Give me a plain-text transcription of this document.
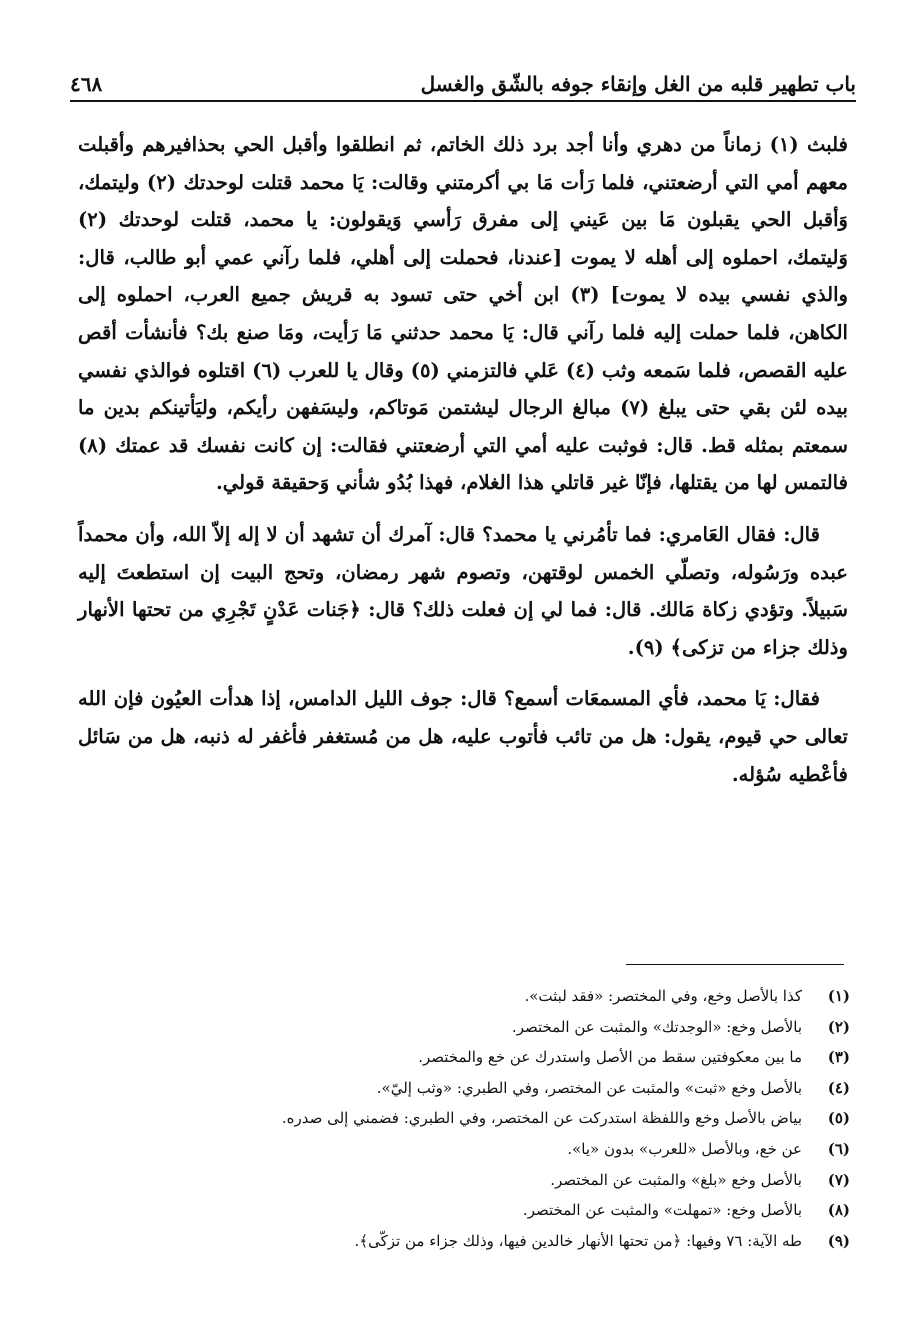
باب تطهير قلبه من الغل وإنقاء جوفه بالشّق والغسل
٤٦٨

فلبث (١) زماناً من دهري وأنا أجد برد ذلك الخاتم، ثم انطلقوا وأقبل الحي بحذافيرهم وأقبلت معهم أمي التي أرضعتني، فلما رَأت مَا بي أكرمتني وقالت: يَا محمد قتلت لوحدتك (٢) وليتمك، وَأقبل الحي يقبلون مَا بين عَيني إلى مفرق رَأسي وَيقولون: يا محمد، قتلت لوحدتك (٢) وَليتمك، احملوه إلى أهله لا يموت [عندنا، فحملت إلى أهلي، فلما رآني عمي أبو طالب، قال: والذي نفسي بيده لا يموت] (٣) ابن أخي حتى تسود به قريش جميع العرب، احملوه إلى الكاهن، فلما حملت إليه فلما رآني قال: يَا محمد حدثني مَا رَأيت، ومَا صنع بك؟ فأنشأت أقص عليه القصص، فلما سَمعه وثب (٤) عَلي فالتزمني (٥) وقال يا للعرب (٦) اقتلوه فوالذي نفسي بيده لئن بقي حتى يبلغ (٧) مبالغ الرجال ليشتمن مَوتاكم، وليسَفهن رأيكم، وليَأتينكم بدين ما سمعتم بمثله قط. قال: فوثبت عليه أمي التي أرضعتني فقالت: إن كانت نفسك قد عمتك (٨) فالتمس لها من يقتلها، فإنّا غير قاتلي هذا الغلام، فهذا بُدُو شأني وَحقيقة قولي.

قال: فقال العَامري: فما تأمُرني يا محمد؟ قال: آمرك أن تشهد أن لا إله إلاّ الله، وأن محمداً عبده ورَسُوله، وتصلّي الخمس لوقتهن، وتصوم شهر رمضان، وتحج البيت إن استطعتَ إليه سَبيلاً. وتؤدي زكاة مَالك. قال: فما لي إن فعلت ذلك؟ قال: ﴿جَنات عَدْنٍ تَجْرِي من تحتها الأنهار وذلك جزاء من تزكى﴾ (٩).

فقال: يَا محمد، فأي المسمعَات أسمع؟ قال: جوف الليل الدامس، إذا هدأت العيُون فإن الله تعالى حي قيوم، يقول: هل من تائب فأتوب عليه، هل من مُستغفر فأغفر له ذنبه، هل من سَائل فأعْطيه سُؤله.

(١)
كذا بالأصل وخع، وفي المختصر: «فقد لبثت».
(٢)
بالأصل وخع: «الوجدتك» والمثبت عن المختصر.
(٣)
ما بين معكوفتين سقط من الأصل واستدرك عن خع والمختصر.
(٤)
بالأصل وخع «ثبت» والمثبت عن المختصر، وفي الطبري: «وثب إليّ».
(٥)
بياض بالأصل وخع واللفظة استدركت عن المختصر، وفي الطبري: فضمني إلى صدره.
(٦)
عن خع، وبالأصل «للعرب» بدون «يا».
(٧)
بالأصل وخع «بلغ» والمثبت عن المختصر.
(٨)
بالأصل وخع: «تمهلت» والمثبت عن المختصر.
(٩)
طه الآية: ٧٦ وفيها: ﴿من تحتها الأنهار خالدين فيها، وذلك جزاء من تزكّى﴾.
